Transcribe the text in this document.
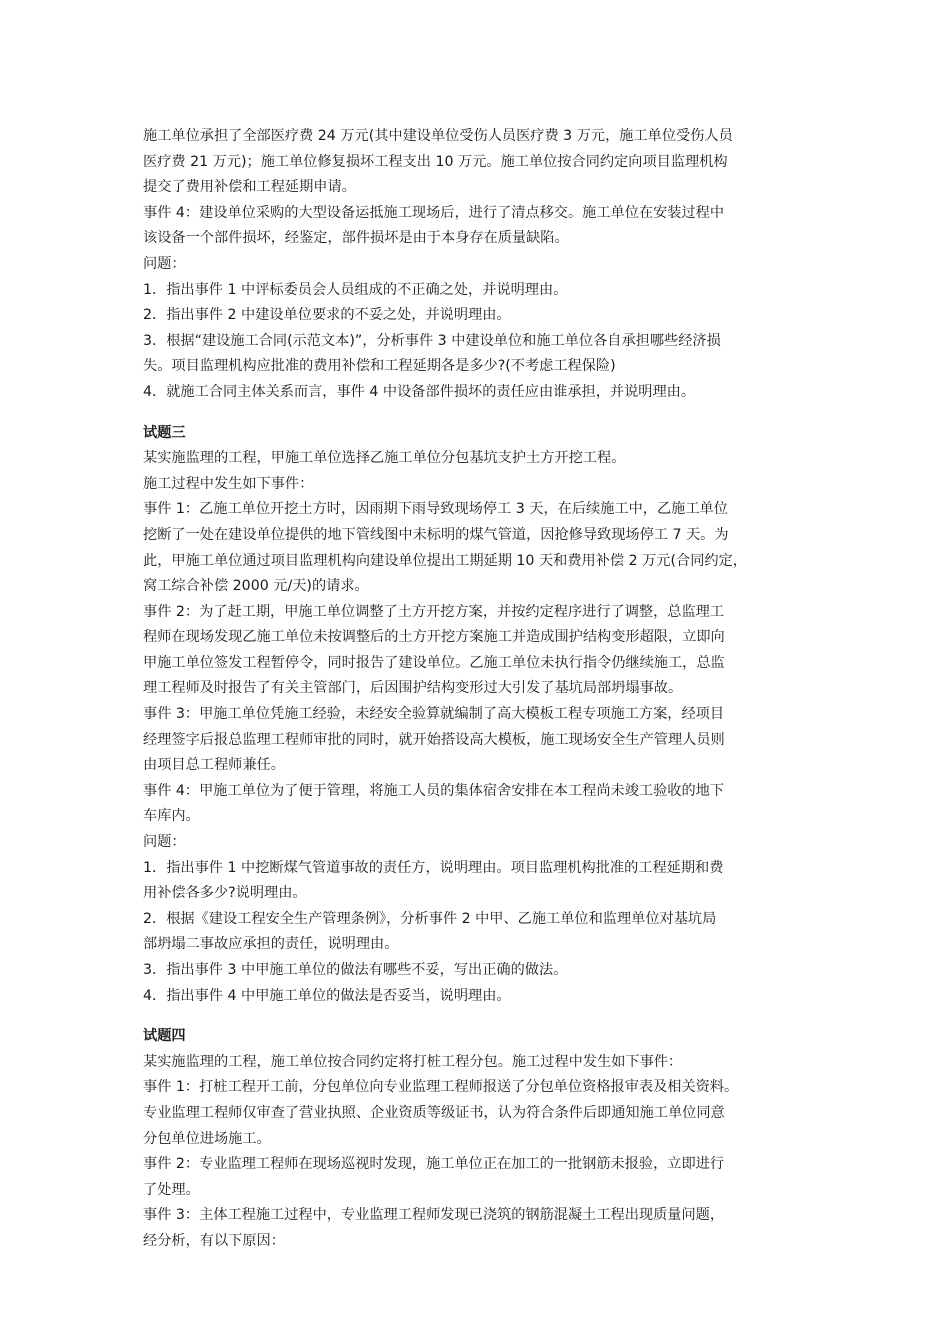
施工单位承担了全部医疗费 24 万元(其中建设单位受伤人员医疗费 3 万元，施工单位受伤人员
医疗费 21 万元)；施工单位修复损坏工程支出 10 万元。施工单位按合同约定向项目监理机构
提交了费用补偿和工程延期申请。

事件 4：建设单位采购的大型设备运抵施工现场后，进行了清点移交。施工单位在安装过程中
该设备一个部件损坏，经鉴定，部件损坏是由于本身存在质量缺陷。

问题：

1．指出事件 1 中评标委员会人员组成的不正确之处，并说明理由。

2．指出事件 2 中建设单位要求的不妥之处，并说明理由。

3．根据“建设施工合同(示范文本)”，分析事件 3 中建设单位和施工单位各自承担哪些经济损
失。项目监理机构应批准的费用补偿和工程延期各是多少?(不考虑工程保险)

4．就施工合同主体关系而言，事件 4 中设备部件损坏的责任应由谁承担，并说明理由。

试题三

某实施监理的工程，甲施工单位选择乙施工单位分包基坑支护土方开挖工程。

施工过程中发生如下事件：

事件 1：乙施工单位开挖土方时，因雨期下雨导致现场停工 3 天，在后续施工中，乙施工单位
挖断了一处在建设单位提供的地下管线图中未标明的煤气管道，因抢修导致现场停工 7 天。为
此，甲施工单位通过项目监理机构向建设单位提出工期延期 10 天和费用补偿 2 万元(合同约定，
窝工综合补偿 2000 元/天)的请求。

事件 2：为了赶工期，甲施工单位调整了土方开挖方案，并按约定程序进行了调整，总监理工
程师在现场发现乙施工单位未按调整后的土方开挖方案施工并造成围护结构变形超限，立即向
甲施工单位签发工程暂停令，同时报告了建设单位。乙施工单位未执行指令仍继续施工，总监
理工程师及时报告了有关主管部门，后因围护结构变形过大引发了基坑局部坍塌事故。

事件 3：甲施工单位凭施工经验，未经安全验算就编制了高大模板工程专项施工方案，经项目
经理签字后报总监理工程师审批的同时，就开始搭设高大模板，施工现场安全生产管理人员则
由项目总工程师兼任。

事件 4：甲施工单位为了便于管理，将施工人员的集体宿舍安排在本工程尚未竣工验收的地下
车库内。

问题：

1．指出事件 1 中挖断煤气管道事故的责任方，说明理由。项目监理机构批准的工程延期和费
用补偿各多少?说明理由。

2．根据《建设工程安全生产管理条例》，分析事件 2 中甲、乙施工单位和监理单位对基坑局
部坍塌二事故应承担的责任，说明理由。

3．指出事件 3 中甲施工单位的做法有哪些不妥，写出正确的做法。

4．指出事件 4 中甲施工单位的做法是否妥当，说明理由。

试题四

某实施监理的工程，施工单位按合同约定将打桩工程分包。施工过程中发生如下事件：

事件 1：打桩工程开工前，分包单位向专业监理工程师报送了分包单位资格报审表及相关资料。
专业监理工程师仅审查了营业执照、企业资质等级证书，认为符合条件后即通知施工单位同意
分包单位进场施工。

事件 2：专业监理工程师在现场巡视时发现，施工单位正在加工的一批钢筋未报验，立即进行
了处理。

事件 3：主体工程施工过程中，专业监理工程师发现已浇筑的钢筋混凝土工程出现质量问题，
经分析，有以下原因：
